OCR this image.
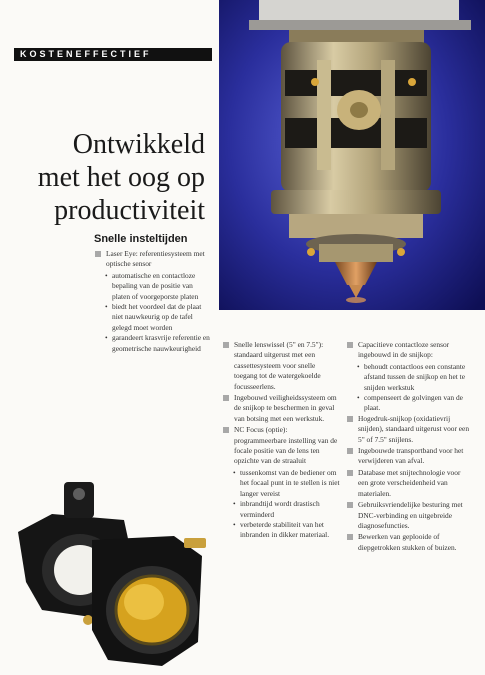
KOSTENEFFECTIEF
Ontwikkeld
met het oog op
productiviteit
Snelle insteltijden
Laser Eye: referentiesysteem met optische sensor
• automatische en contactloze bepaling van de positie van platen of voorgeporste platen
• biedt het voordeel dat de plaat niet nauwkeurig op de tafel gelegd moet worden
• garandeert krasvrije referentie en geometrische nauwkeurigheid	Snelle lenswissel (5" en 7.5"): standaard uitgerust met een cassettesysteem voor snelle toegang tot de watergekoelde focusseerlens.
Ingebouwd veiligheidssysteem om de snijkop te beschermen in geval van botsing met een werkstuk.
NC Focus (optie): programmeerbare instelling van de focale positie van de lens ten opzichte van de straaluit
• tussenkomst van de bediener om het focaal punt in te stellen is niet langer vereist
• inbrandtijd wordt drastisch verminderd
• verbeterde stabiliteit van het inbranden in dikker materiaal.
Capacitieve contactloze sensor ingebouwd in de snijkop:
• behoudt contactloos een constante afstand tussen de snijkop en het te snijden werkstuk
• compenseert de golvingen van de plaat.
Hogedruk-snijkop (oxidatievrij snijden), standaard uitgerust voor een 5" of 7.5" snijlens.
Ingebouwde transportband voor het verwijderen van afval.
Database met snijtechnologie voor een grote verscheidenheid van materialen.
Gebruiksvriendelijke besturing met DNC-verbinding en uitgebreide diagnosefuncties.
Bewerken van geplooide of diepgetrokken stukken of buizen.
